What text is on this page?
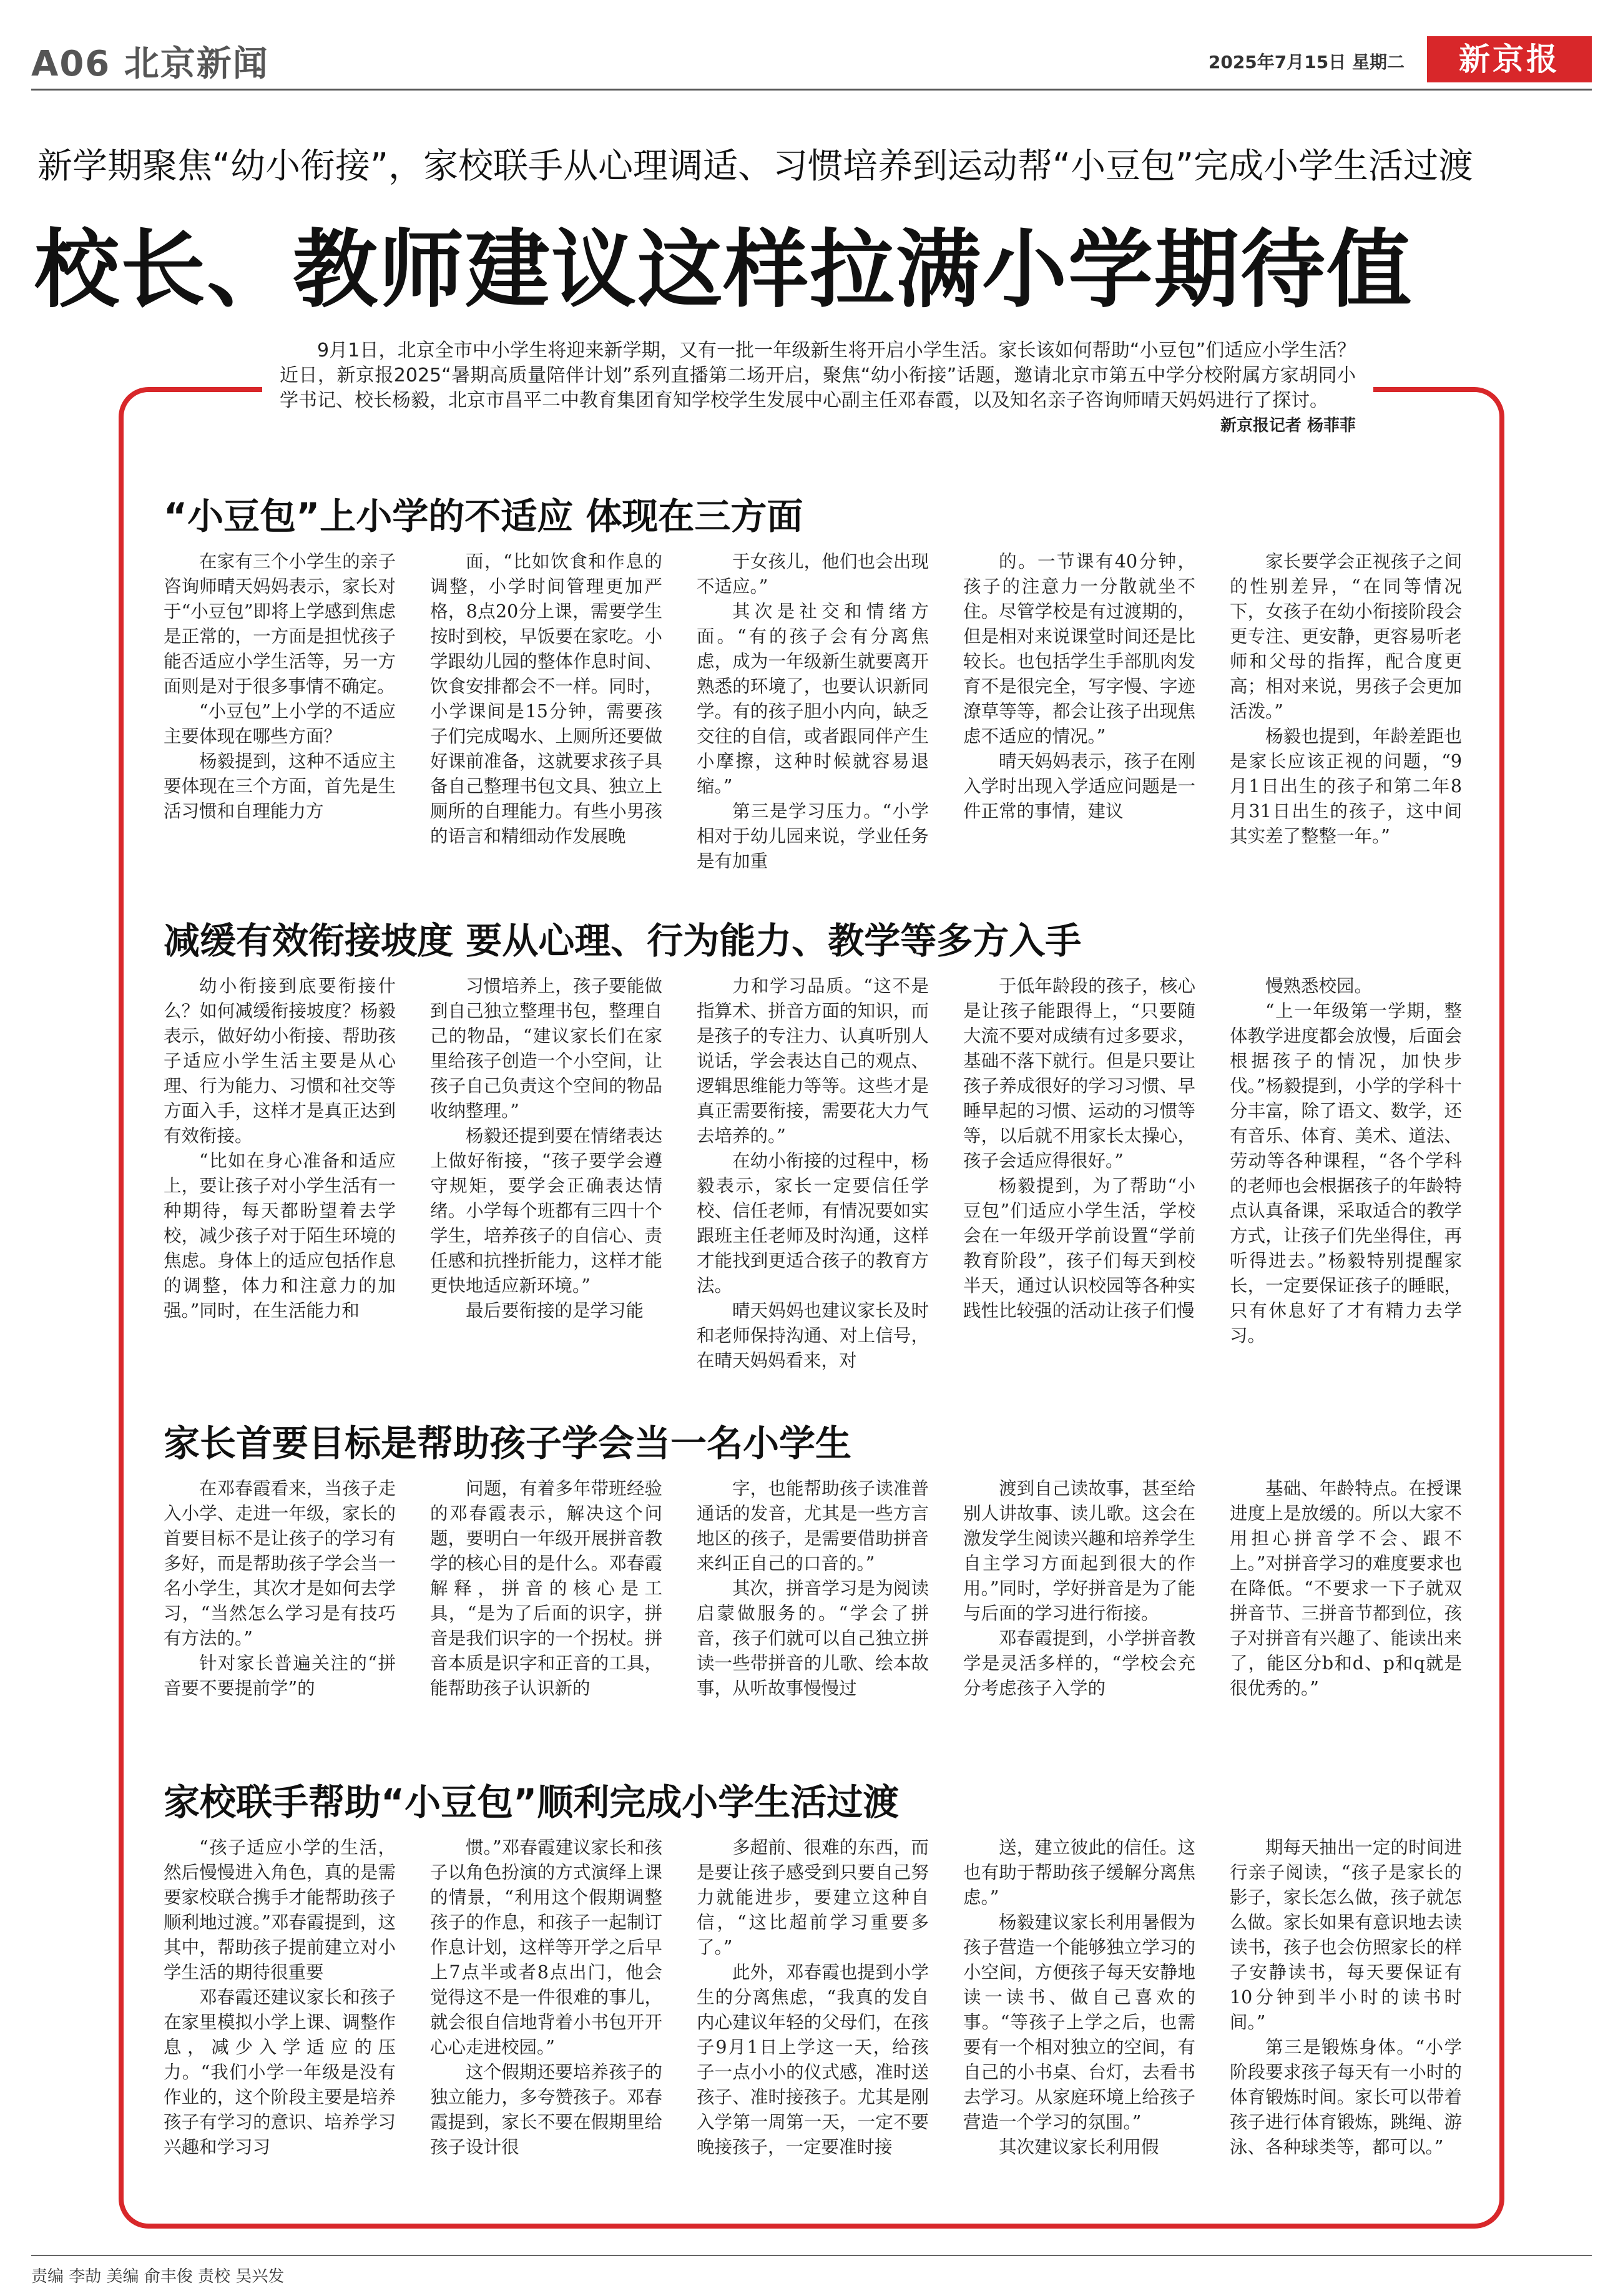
A06 北京新闻	2025年7月15日 星期二	新京报
新学期聚焦“幼小衔接”，家校联手从心理调适、习惯培养到运动帮“小豆包”完成小学生活过渡
校长、教师建议这样拉满小学期待值

9月1日，北京全市中小学生将迎来新学期，又有一批一年级新生将开启小学生活。家长该如何帮助“小豆包”们适应小学生活？ 近日，新京报2025“暑期高质量陪伴计划”系列直播第二场开启，聚焦“幼小衔接”话题，邀请北京市第五中学分校附属方家胡同小学书记、校长杨毅，北京市昌平二中教育集团育知学校学生发展中心副主任邓春霞，以及知名亲子咨询师晴天妈妈进行了探讨。

新京报记者 杨菲菲

“小豆包”上小学的不适应 体现在三方面

在家有三个小学生的亲子咨询师晴天妈妈表示，家长对于“小豆包”即将上学感到焦虑是正常的，一方面是担忧孩子能否适应小学生活等，另一方面则是对于很多事情不确定。

“小豆包”上小学的不适应主要体现在哪些方面？

杨毅提到，这种不适应主要体现在三个方面，首先是生活习惯和自理能力方

面，“比如饮食和作息的调整，小学时间管理更加严格，8点20分上课，需要学生按时到校，早饭要在家吃。小学跟幼儿园的整体作息时间、饮食安排都会不一样。同时，小学课间是15分钟，需要孩子们完成喝水、上厕所还要做好课前准备，这就要求孩子具备自己整理书包文具、独立上厕所的自理能力。有些小男孩的语言和精细动作发展晚

于女孩儿，他们也会出现不适应。”

其次是社交和情绪方面。“有的孩子会有分离焦虑，成为一年级新生就要离开熟悉的环境了，也要认识新同学。有的孩子胆小内向，缺乏交往的自信，或者跟同伴产生小摩擦，这种时候就容易退缩。”

第三是学习压力。“小学相对于幼儿园来说，学业任务是有加重

的。一节课有40分钟，孩子的注意力一分散就坐不住。尽管学校是有过渡期的，但是相对来说课堂时间还是比较长。也包括学生手部肌肉发育不是很完全，写字慢、字迹潦草等等，都会让孩子出现焦虑不适应的情况。”

晴天妈妈表示，孩子在刚入学时出现入学适应问题是一件正常的事情，建议

家长要学会正视孩子之间的性别差异，“在同等情况下，女孩子在幼小衔接阶段会更专注、更安静，更容易听老师和父母的指挥，配合度更高；相对来说，男孩子会更加活泼。”

杨毅也提到，年龄差距也是家长应该正视的问题，“9月1日出生的孩子和第二年8月31日出生的孩子，这中间其实差了整整一年。”

减缓有效衔接坡度 要从心理、行为能力、教学等多方入手

幼小衔接到底要衔接什么？如何减缓衔接坡度？杨毅表示，做好幼小衔接、帮助孩子适应小学生活主要是从心理、行为能力、习惯和社交等方面入手，这样才是真正达到有效衔接。

“比如在身心准备和适应上，要让孩子对小学生活有一种期待，每天都盼望着去学校，减少孩子对于陌生环境的焦虑。身体上的适应包括作息的调整，体力和注意力的加强。”同时，在生活能力和

习惯培养上，孩子要能做到自己独立整理书包，整理自己的物品，“建议家长们在家里给孩子创造一个小空间，让孩子自己负责这个空间的物品收纳整理。”

杨毅还提到要在情绪表达上做好衔接，“孩子要学会遵守规矩，要学会正确表达情绪。小学每个班都有三四十个学生，培养孩子的自信心、责任感和抗挫折能力，这样才能更快地适应新环境。”

最后要衔接的是学习能

力和学习品质。“这不是指算术、拼音方面的知识，而是孩子的专注力、认真听别人说话，学会表达自己的观点、逻辑思维能力等等。这些才是真正需要衔接，需要花大力气去培养的。”

在幼小衔接的过程中，杨毅表示，家长一定要信任学校、信任老师，有情况要如实跟班主任老师及时沟通，这样才能找到更适合孩子的教育方法。

晴天妈妈也建议家长及时和老师保持沟通、对上信号，在晴天妈妈看来，对

于低年龄段的孩子，核心是让孩子能跟得上，“只要随大流不要对成绩有过多要求，基础不落下就行。但是只要让孩子养成很好的学习习惯、早睡早起的习惯、运动的习惯等等，以后就不用家长太操心，孩子会适应得很好。”

杨毅提到，为了帮助“小豆包”们适应小学生活，学校会在一年级开学前设置“学前教育阶段”，孩子们每天到校半天，通过认识校园等各种实践性比较强的活动让孩子们慢

慢熟悉校园。

“上一年级第一学期，整体教学进度都会放慢，后面会根据孩子的情况，加快步伐。”杨毅提到，小学的学科十分丰富，除了语文、数学，还有音乐、体育、美术、道法、劳动等各种课程，“各个学科的老师也会根据孩子的年龄特点认真备课，采取适合的教学方式，让孩子们先坐得住，再听得进去。”杨毅特别提醒家长，一定要保证孩子的睡眠，只有休息好了才有精力去学习。

家长首要目标是帮助孩子学会当一名小学生

在邓春霞看来，当孩子走入小学、走进一年级，家长的首要目标不是让孩子的学习有多好，而是帮助孩子学会当一名小学生，其次才是如何去学习，“当然怎么学习是有技巧有方法的。”

针对家长普遍关注的“拼音要不要提前学”的

问题，有着多年带班经验的邓春霞表示，解决这个问题，要明白一年级开展拼音教学的核心目的是什么。邓春霞解释，拼音的核心是工具，“是为了后面的识字，拼音是我们识字的一个拐杖。拼音本质是识字和正音的工具，能帮助孩子认识新的

字，也能帮助孩子读准普通话的发音，尤其是一些方言地区的孩子，是需要借助拼音来纠正自己的口音的。”

其次，拼音学习是为阅读启蒙做服务的。“学会了拼音，孩子们就可以自己独立拼读一些带拼音的儿歌、绘本故事，从听故事慢慢过

渡到自己读故事，甚至给别人讲故事、读儿歌。这会在激发学生阅读兴趣和培养学生自主学习方面起到很大的作用。”同时，学好拼音是为了能与后面的学习进行衔接。

邓春霞提到，小学拼音教学是灵活多样的，“学校会充分考虑孩子入学的

基础、年龄特点。在授课进度上是放缓的。所以大家不用担心拼音学不会、跟不上。”对拼音学习的难度要求也在降低。“不要求一下子就双拼音节、三拼音节都到位，孩子对拼音有兴趣了、能读出来了，能区分b和d、p和q就是很优秀的。”

家校联手帮助“小豆包”顺利完成小学生活过渡

“孩子适应小学的生活，然后慢慢进入角色，真的是需要家校联合携手才能帮助孩子顺利地过渡。”邓春霞提到，这其中，帮助孩子提前建立对小学生活的期待很重要

邓春霞还建议家长和孩子在家里模拟小学上课、调整作息，减少入学适应的压力。“我们小学一年级是没有作业的，这个阶段主要是培养孩子有学习的意识、培养学习兴趣和学习习

惯。”邓春霞建议家长和孩子以角色扮演的方式演绎上课的情景，“利用这个假期调整孩子的作息，和孩子一起制订作息计划，这样等开学之后早上7点半或者8点出门，他会觉得这不是一件很难的事儿，就会很自信地背着小书包开开心心走进校园。”

这个假期还要培养孩子的独立能力，多夸赞孩子。邓春霞提到，家长不要在假期里给孩子设计很

多超前、很难的东西，而是要让孩子感受到只要自己努力就能进步，要建立这种自信，“这比超前学习重要多了。”

此外，邓春霞也提到小学生的分离焦虑，“我真的发自内心建议年轻的父母们，在孩子9月1日上学这一天，给孩子一点小小的仪式感，准时送孩子、准时接孩子。尤其是刚入学第一周第一天，一定不要晚接孩子，一定要准时接

送，建立彼此的信任。这也有助于帮助孩子缓解分离焦虑。”

杨毅建议家长利用暑假为孩子营造一个能够独立学习的小空间，方便孩子每天安静地读一读书、做自己喜欢的事。“等孩子上学之后，也需要有一个相对独立的空间，有自己的小书桌、台灯，去看书去学习。从家庭环境上给孩子营造一个学习的氛围。”

其次建议家长利用假

期每天抽出一定的时间进行亲子阅读，“孩子是家长的影子，家长怎么做，孩子就怎么做。家长如果有意识地去读读书，孩子也会仿照家长的样子安静读书，每天要保证有10分钟到半小时的读书时间。”

第三是锻炼身体。“小学阶段要求孩子每天有一小时的体育锻炼时间。家长可以带着孩子进行体育锻炼，跳绳、游泳、各种球类等，都可以。”

责编 李劼 美编 俞丰俊 责校 吴兴发
